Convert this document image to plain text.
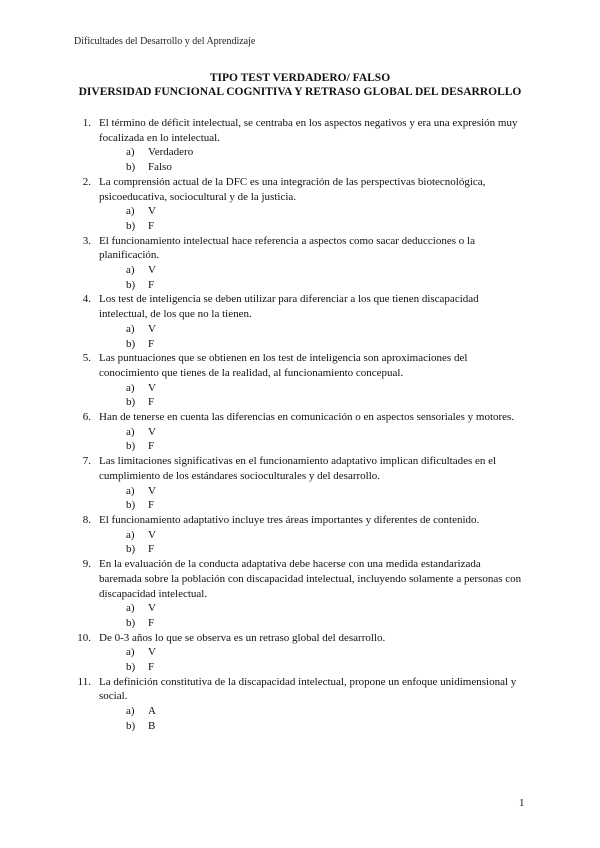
Dificultades del Desarrollo y del Aprendizaje
TIPO TEST VERDADERO/ FALSO
DIVERSIDAD FUNCIONAL COGNITIVA Y RETRASO GLOBAL DEL DESARROLLO
1. El término de déficit intelectual, se centraba en los aspectos negativos y era una expresión muy focalizada en lo intelectual.
a)	Verdadero
b)	Falso
2. La comprensión actual de la DFC es una integración de las perspectivas biotecnológica, psicoeducativa, sociocultural y de la justicia.
a)	V
b)	F
3. El funcionamiento intelectual hace referencia a aspectos como sacar deducciones o la planificación.
a)	V
b)	F
4. Los test de inteligencia se deben utilizar para diferenciar a los que tienen discapacidad intelectual, de los que no la tienen.
a)	V
b)	F
5. Las puntuaciones que se obtienen en los test de inteligencia son aproximaciones del conocimiento que tienes de la realidad, al funcionamiento concepual.
a)	V
b)	F
6. Han de tenerse en cuenta las diferencias en comunicación o en aspectos sensoriales y motores.
a)	V
b)	F
7. Las limitaciones significativas en el funcionamiento adaptativo implican dificultades en el cumplimiento de los estándares socioculturales y del desarrollo.
a)	V
b)	F
8. El funcionamiento adaptativo incluye tres áreas importantes y diferentes de contenido.
a)	V
b)	F
9. En la evaluación de la conducta adaptativa debe hacerse con una medida estandarizada baremada sobre la población con discapacidad intelectual, incluyendo solamente a personas con discapacidad intelectual.
a)	V
b)	F
10. De 0-3 años lo que se observa es un retraso global del desarrollo.
a)	V
b)	F
11. La definición constitutiva de la discapacidad intelectual, propone un enfoque unidimensional y social.
a)	A
b)	B
1
